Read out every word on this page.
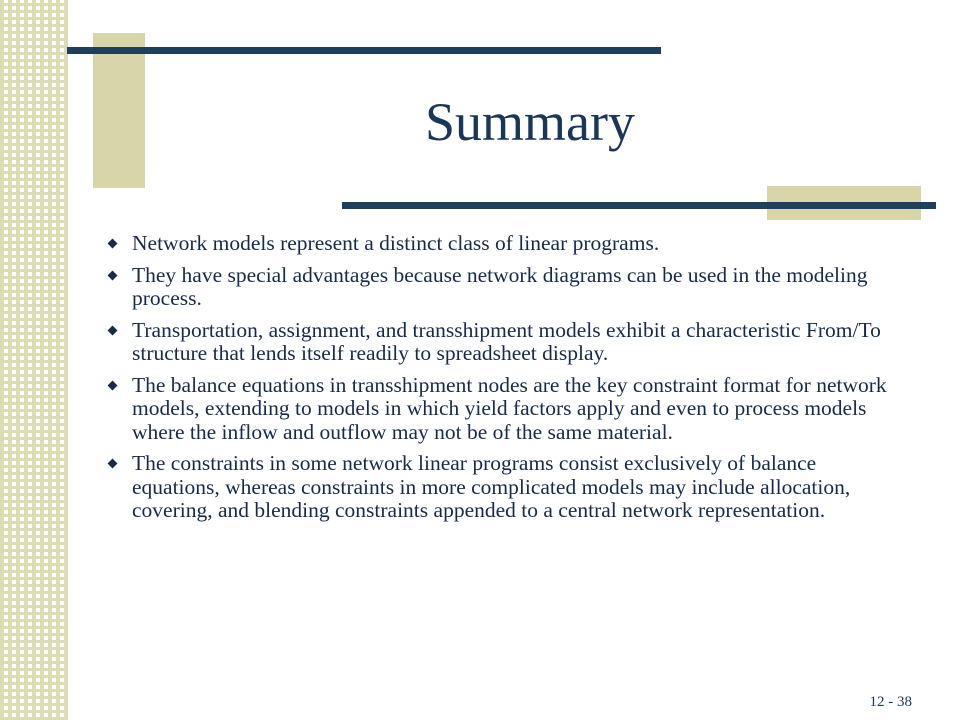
Summary
Network models represent a distinct class of linear programs.
They have special advantages because network diagrams can be used in the modeling process.
Transportation, assignment, and transshipment models exhibit a characteristic From/To structure that lends itself readily to spreadsheet display.
The balance equations in transshipment nodes are the key constraint format for network models, extending to models in which yield factors apply and even to process models where the inflow and outflow may not be of the same material.
The constraints in some network linear programs consist exclusively of balance equations, whereas constraints in more complicated models may include allocation, covering, and blending constraints appended to a central network representation.
12 - 38
